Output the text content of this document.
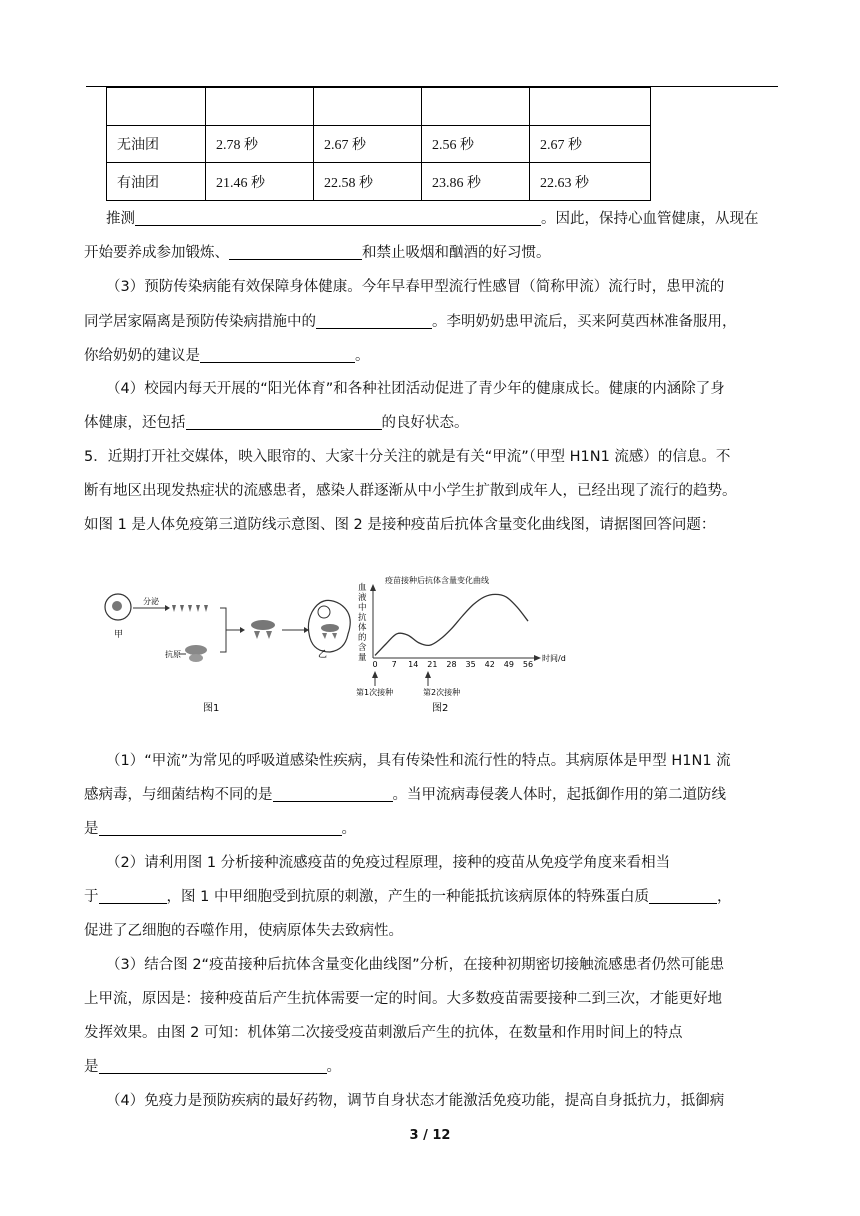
无油团	2.78 秒	2.67 秒	2.56 秒	2.67 秒
有油团	21.46 秒	22.58 秒	23.86 秒	22.63 秒
推测	。因此，保持心血管健康，从现在
开始要养成参加锻炼、	和禁止吸烟和酗酒的好习惯。
（3）预防传染病能有效保障身体健康。今年早春甲型流行性感冒（简称甲流）流行时，患甲流的
同学居家隔离是预防传染病措施中的	。李明奶奶患甲流后，买来阿莫西林准备服用，
你给奶奶的建议是	。
（4）校园内每天开展的“阳光体育”和各种社团活动促进了青少年的健康成长。健康的内涵除了身
体健康，还包括	的良好状态。
5．近期打开社交媒体，映入眼帘的、大家十分关注的就是有关“甲流”（甲型 H1N1 流感）的信息。不
断有地区出现发热症状的流感患者，感染人群逐渐从中小学生扩散到成年人，已经出现了流行的趋势。
如图 1 是人体免疫第三道防线示意图、图 2 是接种疫苗后抗体含量变化曲线图，请据图回答问题：
甲
分泌
抗原	乙
图1
血
液
中
抗
体
的
含
量
疫苗接种后抗体含量变化曲线
时间/d
0 7 14 21 28 35 42 49 56
第1次接种	第2次接种
图2
（1）“甲流”为常见的呼吸道感染性疾病，具有传染性和流行性的特点。其病原体是甲型 H1N1 流
感病毒，与细菌结构不同的是	。当甲流病毒侵袭人体时，起抵御作用的第二道防线
是	。
（2）请利用图 1 分析接种流感疫苗的免疫过程原理，接种的疫苗从免疫学角度来看相当
于	，图 1 中甲细胞受到抗原的刺激，产生的一种能抵抗该病原体的特殊蛋白质	，
促进了乙细胞的吞噬作用，使病原体失去致病性。
（3）结合图 2“疫苗接种后抗体含量变化曲线图”分析，在接种初期密切接触流感患者仍然可能患
上甲流，原因是：接种疫苗后产生抗体需要一定的时间。大多数疫苗需要接种二到三次，才能更好地
发挥效果。由图 2 可知：机体第二次接受疫苗刺激后产生的抗体，在数量和作用时间上的特点
是	。
（4）免疫力是预防疾病的最好药物，调节自身状态才能激活免疫功能，提高自身抵抗力，抵御病
3 / 12
